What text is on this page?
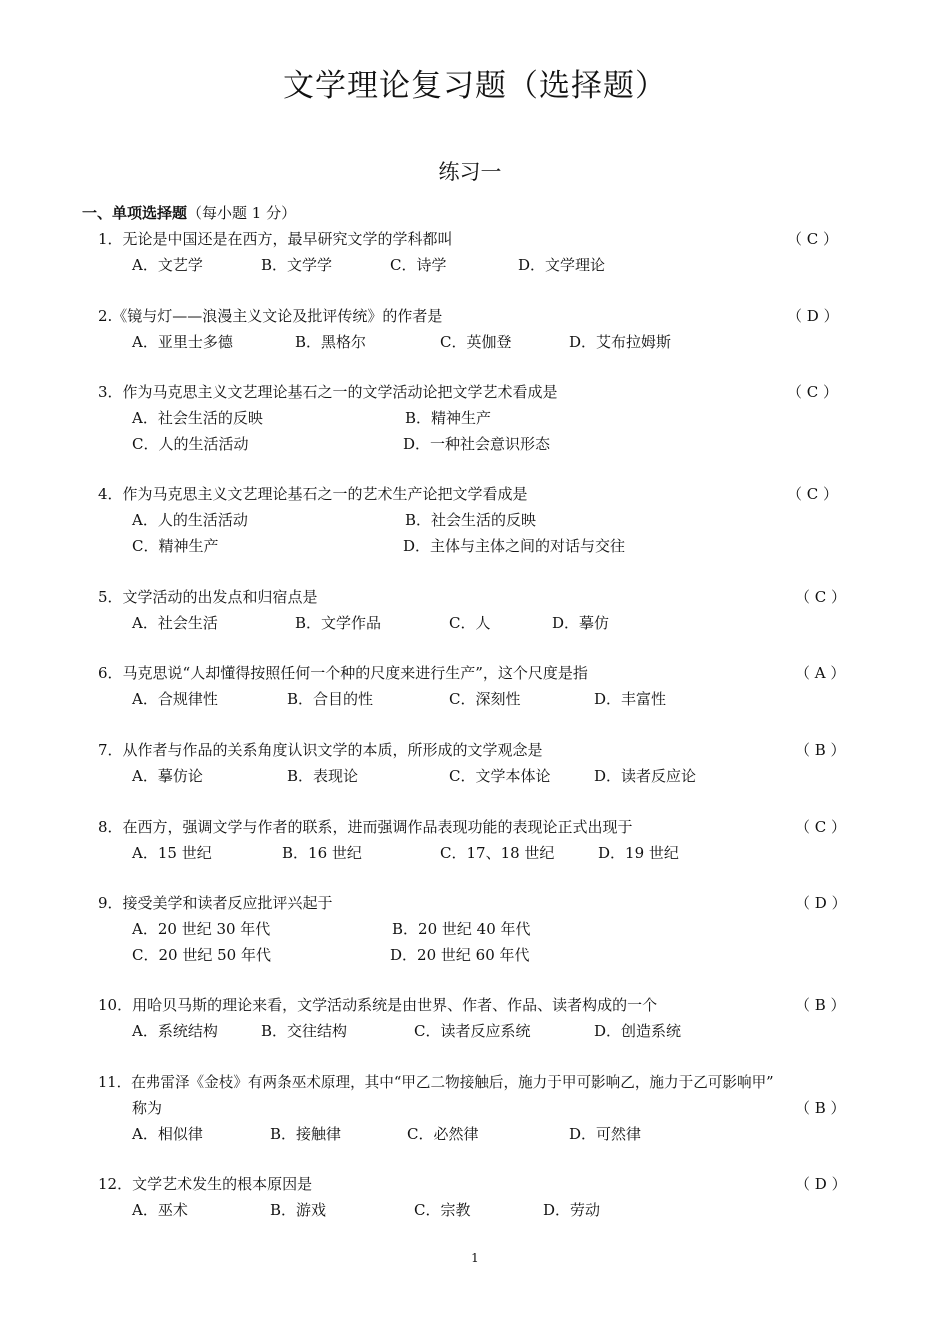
文学理论复习题（选择题）
练习一
一、单项选择题（每小题 1 分）
1．无论是中国还是在西方，最早研究文学的学科都叫	（ C ）
A．文艺学	B．文学学	C．诗学	D．文学理论
2.《镜与灯——浪漫主义文论及批评传统》的作者是	（ D ）
A．亚里士多德	B．黑格尔	C．英伽登	D．艾布拉姆斯
3．作为马克思主义文艺理论基石之一的文学活动论把文学艺术看成是	（ C ）
A．社会生活的反映	B．精神生产
C．人的生活活动	D．一种社会意识形态
4．作为马克思主义文艺理论基石之一的艺术生产论把文学看成是	（ C ）
A．人的生活活动	B．社会生活的反映
C．精神生产	D．主体与主体之间的对话与交往
5．文学活动的出发点和归宿点是	（ C ）
A．社会生活	B．文学作品	C．人	D．摹仿
6．马克思说“人却懂得按照任何一个种的尺度来进行生产”，这个尺度是指	（ A ）
A．合规律性	B．合目的性	C．深刻性	D．丰富性
7．从作者与作品的关系角度认识文学的本质，所形成的文学观念是	（ B ）
A．摹仿论	B．表现论	C．文学本体论	D．读者反应论
8．在西方，强调文学与作者的联系，进而强调作品表现功能的表现论正式出现于	（ C ）
A．15 世纪	B．16 世纪	C．17、18 世纪	D．19 世纪
9．接受美学和读者反应批评兴起于	（ D ）
A．20 世纪 30 年代	B．20 世纪 40 年代
C．20 世纪 50 年代	D．20 世纪 60 年代
10．用哈贝马斯的理论来看，文学活动系统是由世界、作者、作品、读者构成的一个	（ B ）
A．系统结构	B．交往结构	C．读者反应系统	D．创造系统
11．在弗雷泽《金枝》有两条巫术原理，其中“甲乙二物接触后，施力于甲可影响乙，施力于乙可影响甲”
称为	（ B ）
A．相似律	B．接触律	C．必然律	D．可然律
12．文学艺术发生的根本原因是	（ D ）
A．巫术	B．游戏	C．宗教	D．劳动
1
